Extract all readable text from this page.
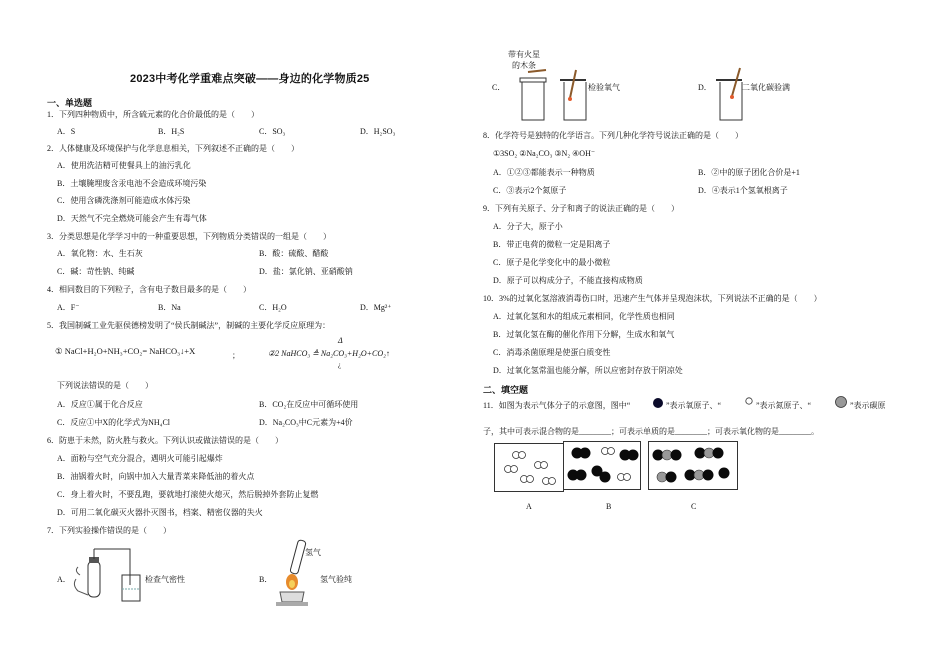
2023中考化学重难点突破——身边的化学物质25
一、单选题
1．下列四种物质中，所含硫元素的化合价最低的是（　　）
A．S	B．H₂S	C．SO₃	D．H₂SO₃
2．人体健康及环境保护与化学息息相关，下列叙述不正确的是（　　）
A．使用洗洁精可使餐具上的油污乳化
B．土壤腌埋废含汞电池不会造成环境污染
C．使用含磷洗涤剂可能造成水体污染
D．天然气不完全燃烧可能会产生有毒气体
3．分类思想是化学学习中的一种重要思想，下列物质分类错误的一组是（　　）
A．氧化物：水、生石灰	B．酸：硫酸、醋酸
C．碱：苛性钠、纯碱	D．盐：氯化钠、亚硝酸钠
4．相同数目的下列粒子，含有电子数目最多的是（　　）
A．F⁻	B．Na	C．H₂O	D．Mg²⁺
5．我国制碱工业先驱侯德榜发明了“侯氏制碱法”，制碱的主要化学反应原理为：
① NaCl+H₂O+NH₃+CO₂= NaHCO₃↓+X	；
Δ
②2 NaHCO₃ ≜ Na₂CO₃+H₂O+CO₂↑
¿
下列说法错误的是（　　）
A．反应①属于化合反应	B．CO₂在反应中可循环使用
C．反应①中X的化学式为NH₄Cl	D．Na₂CO₃中C元素为+4价
6．防患于未然，防火胜与救火。下列认识或做法错误的是（　　）
A．面粉与空气充分混合，遇明火可能引起爆炸
B．油锅着火时，向锅中加入大量青菜来降低油的着火点
C．身上着火时，不要乱跑，要就地打滚使火熄灭，然后脱掉外套防止复燃
D．可用二氧化碳灭火器扑灭图书，档案、精密仪器的失火
7．下列实验操作错误的是（　　）
A．	检查气密性	B．
氢气
氢气验纯
带有火星
的木条
C．	检验氧气	D．	二氧化碳验满
8．化学符号是独特的化学语言。下列几种化学符号说法正确的是（　　）
①3SO₂ ②Na₂CO₃ ③N₂ ④OH⁻
A．①②③都能表示一种物质	B．②中的原子团化合价是+1
C．③表示2个氮原子	D．④表示1个氢氧根离子
9．下列有关原子、分子和离子的说法正确的是（　　）
A．分子大，原子小
B．带正电荷的微粒一定是阳离子
C．原子是化学变化中的最小微粒
D．原子可以构成分子，不能直接构成物质
10．3%的过氧化氢溶液消毒伤口时，迅速产生气体并呈现泡沫状，下列说法不正确的是（　　）
A．过氧化氢和水的组成元素相同，化学性质也相同
B．过氧化氢在酶的催化作用下分解，生成水和氧气
C．消毒杀菌原理是使蛋白质变性
D．过氧化氢常温也能分解，所以应密封存放于阴凉处
二、填空题
11．如图为表示气体分子的示意图，图中“	”表示氧原子、“	”表示氮原子、“	”表示碳原
子，其中可表示混合物的是________；可表示单质的是________；可表示氧化物的是________。
A	B	C
